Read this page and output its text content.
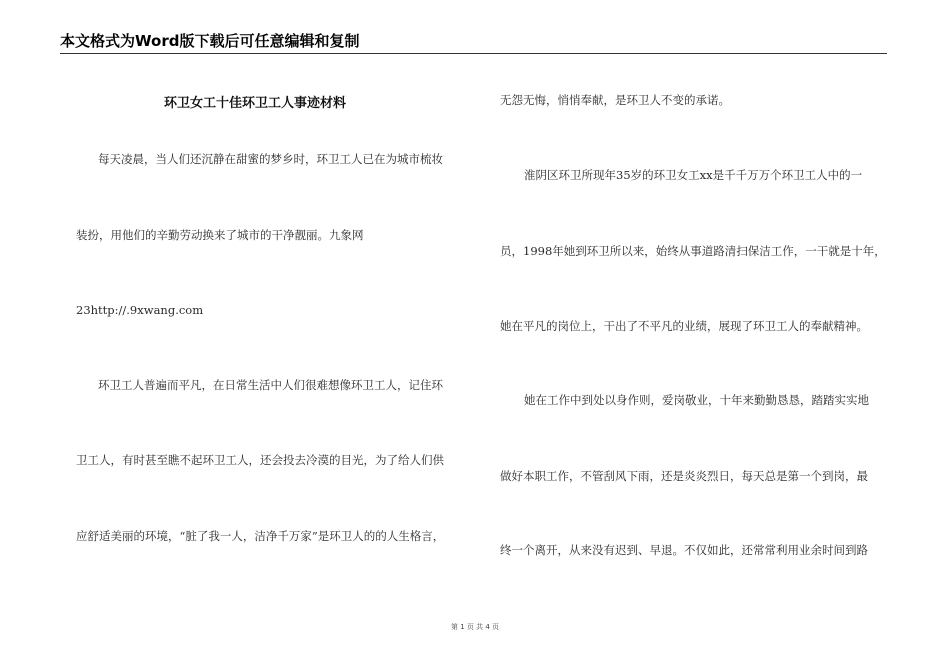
本文格式为Word版下载后可任意编辑和复制
环卫女工十佳环卫工人事迹材料
每天凌晨，当人们还沉静在甜蜜的梦乡时，环卫工人已在为城市梳妆
装扮，用他们的辛勤劳动换来了城市的干净靓丽。九象网
23http://.9xwang.com
环卫工人普遍而平凡，在日常生活中人们很难想像环卫工人，记住环
卫工人，有时甚至瞧不起环卫工人，还会投去冷漠的目光，为了给人们供
应舒适美丽的环境，“脏了我一人，洁净千万家”是环卫人的的人生格言，
无怨无悔，悄悄奉献，是环卫人不变的承诺。
淮阴区环卫所现年35岁的环卫女工xx是千千万万个环卫工人中的一
员，1998年她到环卫所以来，始终从事道路清扫保洁工作，一干就是十年，
她在平凡的岗位上，干出了不平凡的业绩，展现了环卫工人的奉献精神。
她在工作中到处以身作则，爱岗敬业，十年来勤勤恳恳，踏踏实实地
做好本职工作，不管刮风下雨，还是炎炎烈日，每天总是第一个到岗，最
终一个离开，从来没有迟到、早退。不仅如此，还常常利用业余时间到路
第 1 页 共 4 页
